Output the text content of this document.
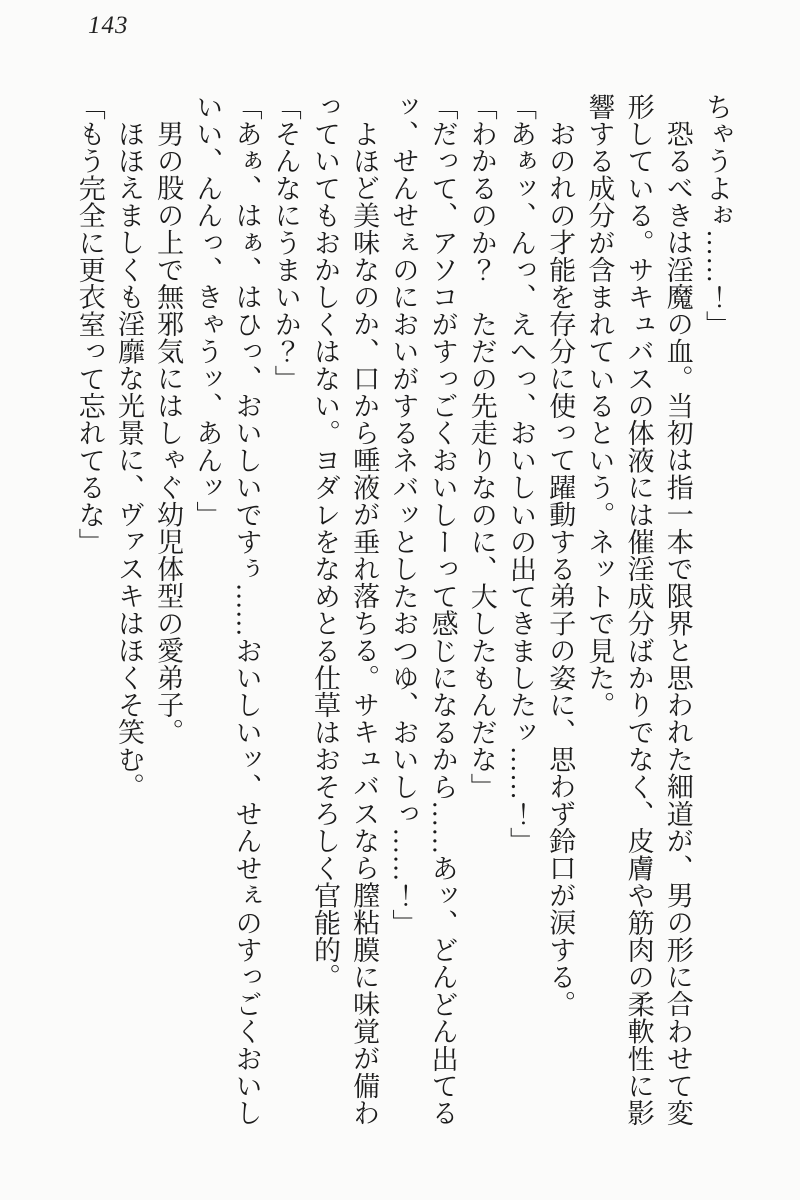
143
ちゃうよぉ……！」
恐るべきは淫魔の血。当初は指一本で限界と思われた細道が、男の形に合わせて変
形している。サキュバスの体液には催淫成分ばかりでなく、皮膚や筋肉の柔軟性に影
響する成分が含まれているという。ネットで見た。
おのれの才能を存分に使って躍動する弟子の姿に、思わず鈴口が涙する。
「あぁッ、んっ、えへっ、おいしいの出てきましたッ……！」
「わかるのか？　ただの先走りなのに、大したもんだな」
「だって、アソコがすっごくおいしーって感じになるから……あッ、どんどん出てる
ッ、せんせぇのにおいがするネバッとしたおつゆ、おいしっ……！」
よほど美味なのか、口から唾液が垂れ落ちる。サキュバスなら膣粘膜に味覚が備わ
っていてもおかしくはない。ヨダレをなめとる仕草はおそろしく官能的。
「そんなにうまいか？」
「あぁ、はぁ、はひっ、おいしいですぅ……おいしいッ、せんせぇのすっごくおいし
いい、んんっ、きゃうッ、あんッ」
男の股の上で無邪気にはしゃぐ幼児体型の愛弟子。
ほほえましくも淫靡な光景に、ヴァスキはほくそ笑む。
「もう完全に更衣室って忘れてるな」
